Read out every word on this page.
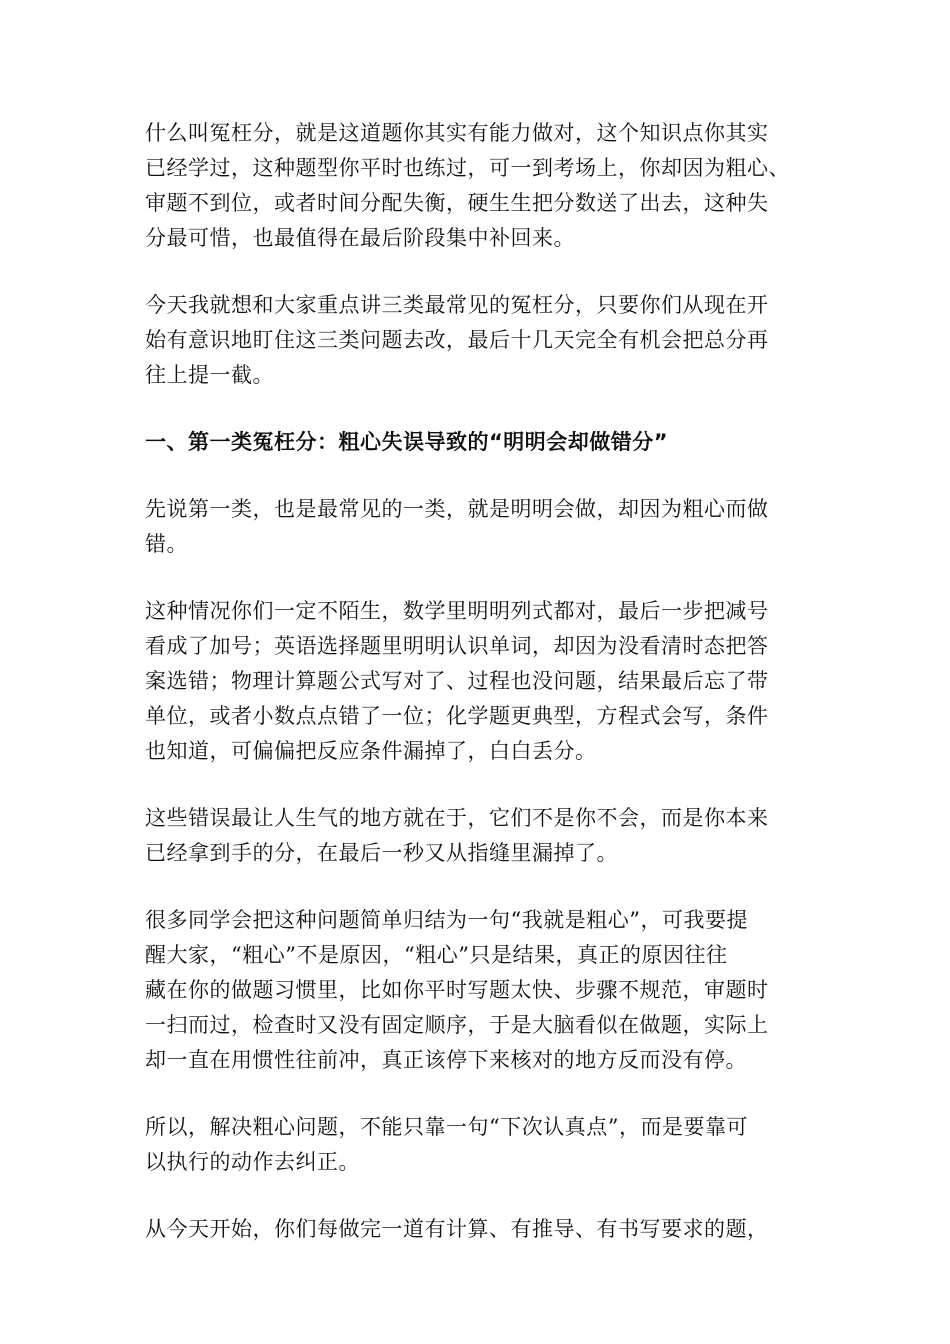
什么叫冤枉分，就是这道题你其实有能力做对，这个知识点你其实
已经学过，这种题型你平时也练过，可一到考场上，你却因为粗心、
审题不到位，或者时间分配失衡，硬生生把分数送了出去，这种失
分最可惜，也最值得在最后阶段集中补回来。
今天我就想和大家重点讲三类最常见的冤枉分，只要你们从现在开
始有意识地盯住这三类问题去改，最后十几天完全有机会把总分再
往上提一截。
一、第一类冤枉分：粗心失误导致的“明明会却做错分”
先说第一类，也是最常见的一类，就是明明会做，却因为粗心而做
错。
这种情况你们一定不陌生，数学里明明列式都对，最后一步把减号
看成了加号；英语选择题里明明认识单词，却因为没看清时态把答
案选错；物理计算题公式写对了、过程也没问题，结果最后忘了带
单位，或者小数点点错了一位；化学题更典型，方程式会写，条件
也知道，可偏偏把反应条件漏掉了，白白丢分。
这些错误最让人生气的地方就在于，它们不是你不会，而是你本来
已经拿到手的分，在最后一秒又从指缝里漏掉了。
很多同学会把这种问题简单归结为一句“我就是粗心”，可我要提
醒大家，“粗心”不是原因，“粗心”只是结果，真正的原因往往
藏在你的做题习惯里，比如你平时写题太快、步骤不规范，审题时
一扫而过，检查时又没有固定顺序，于是大脑看似在做题，实际上
却一直在用惯性往前冲，真正该停下来核对的地方反而没有停。
所以，解决粗心问题，不能只靠一句“下次认真点”，而是要靠可
以执行的动作去纠正。
从今天开始，你们每做完一道有计算、有推导、有书写要求的题，
